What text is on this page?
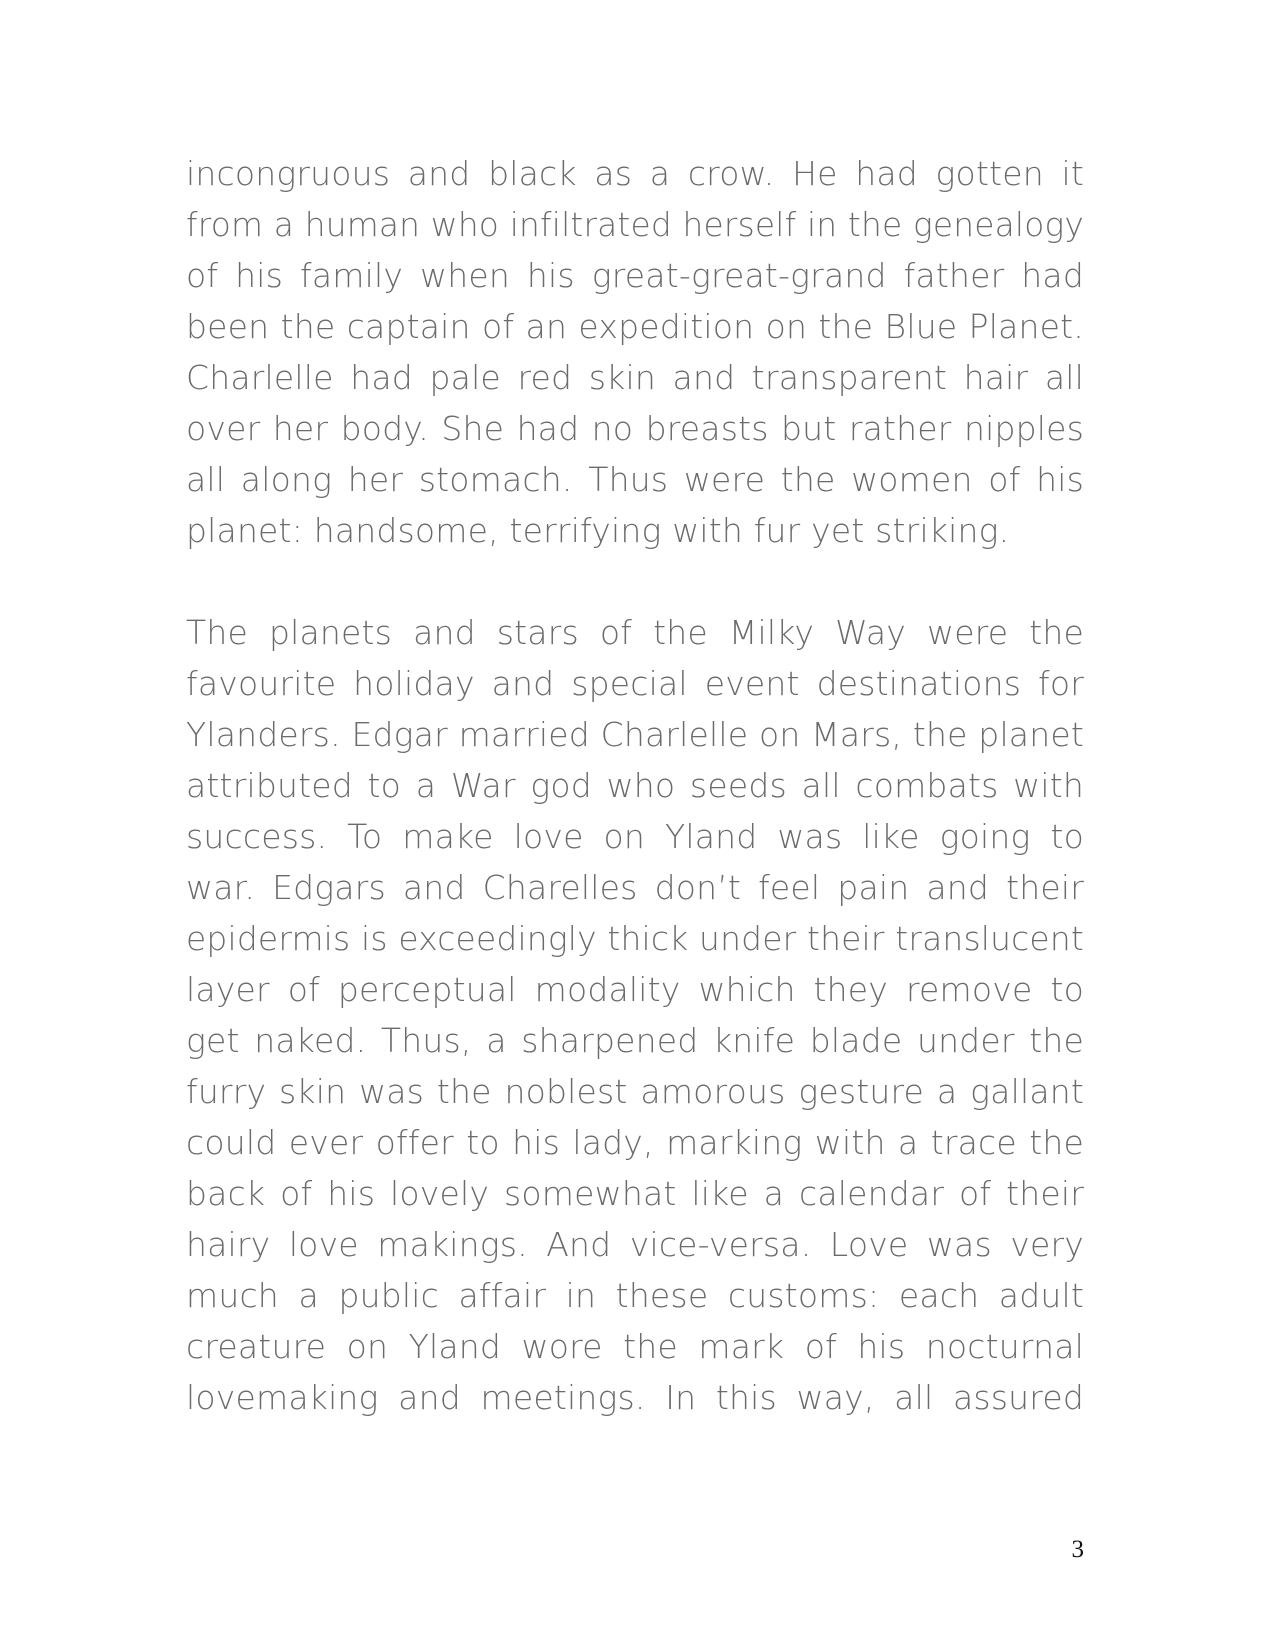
incongruous and black as a crow. He had gotten it
from a human who infiltrated herself in the genealogy
of his family when his great-great-grand father had
been the captain of an expedition on the Blue Planet.
Charlelle had pale red skin and transparent hair all
over her body. She had no breasts but rather nipples
all along her stomach. Thus were the women of his
planet: handsome, terrifying with fur yet striking.
The planets and stars of the Milky Way were the
favourite holiday and special event destinations for
Ylanders. Edgar married Charlelle on Mars, the planet
attributed to a War god who seeds all combats with
success. To make love on Yland was like going to
war. Edgars and Charelles don’t feel pain and their
epidermis is exceedingly thick under their translucent
layer of perceptual modality which they remove to
get naked. Thus, a sharpened knife blade under the
furry skin was the noblest amorous gesture a gallant
could ever offer to his lady, marking with a trace the
back of his lovely somewhat like a calendar of their
hairy love makings. And vice-versa. Love was very
much a public affair in these customs: each adult
creature on Yland wore the mark of his nocturnal
lovemaking and meetings. In this way, all assured
3
